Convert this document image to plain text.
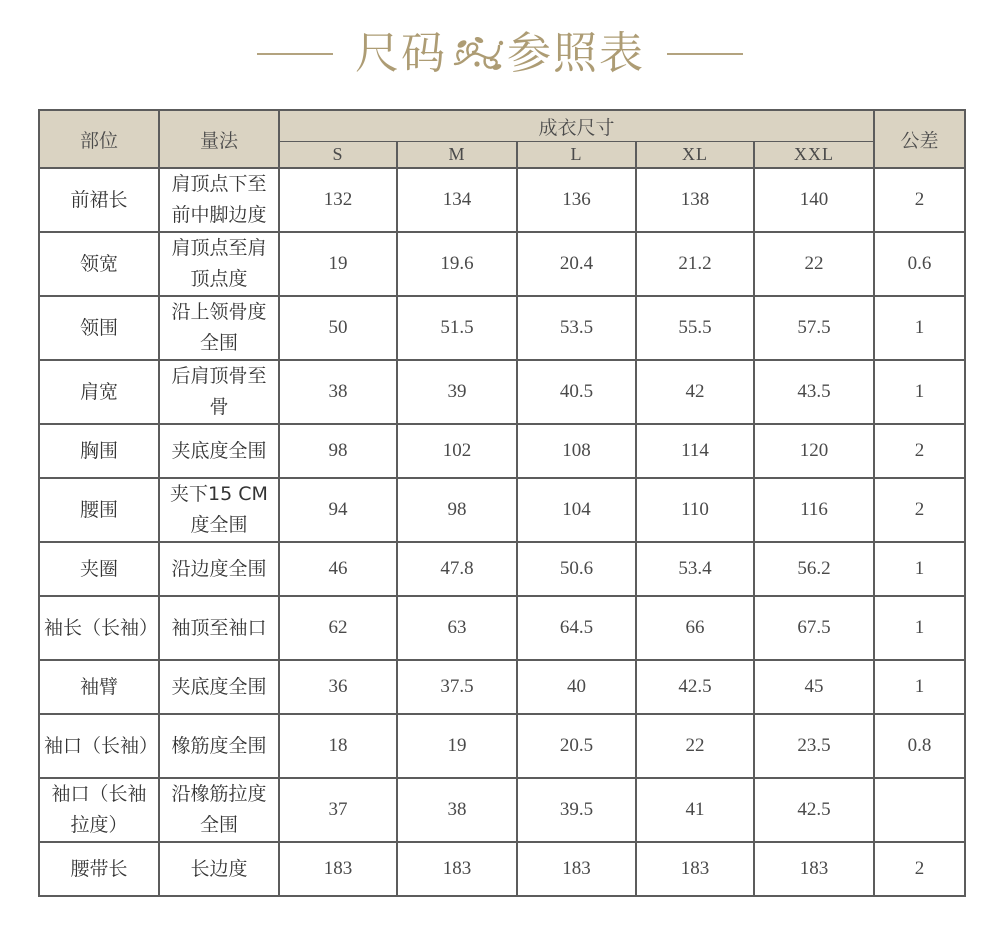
尺码 参照表
部位	量法	成衣尺寸					公差
		S	M	L	XL	XXL	
前裙长	肩顶点下至前中脚边度	132	134	136	138	140	2
领宽	肩顶点至肩顶点度	19	19.6	20.4	21.2	22	0.6
领围	沿上领骨度全围	50	51.5	53.5	55.5	57.5	1
肩宽	后肩顶骨至骨	38	39	40.5	42	43.5	1
胸围	夹底度全围	98	102	108	114	120	2
腰围	夹下15 CM度全围	94	98	104	110	116	2
夹圈	沿边度全围	46	47.8	50.6	53.4	56.2	1
袖长（长袖）	袖顶至袖口	62	63	64.5	66	67.5	1
袖臂	夹底度全围	36	37.5	40	42.5	45	1
袖口（长袖）	橡筋度全围	18	19	20.5	22	23.5	0.8
袖口（长袖拉度）	沿橡筋拉度全围	37	38	39.5	41	42.5	
腰带长	长边度	183	183	183	183	183	2
